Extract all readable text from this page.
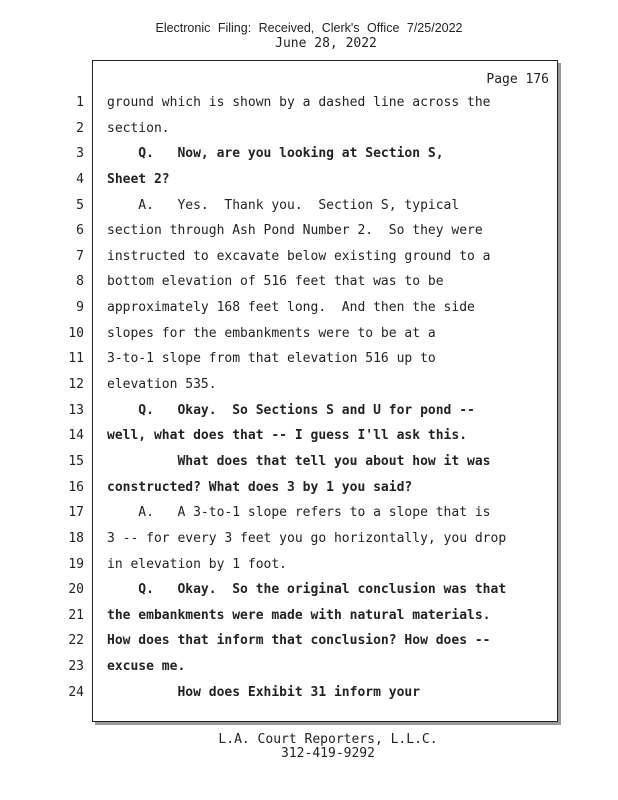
Electronic Filing: Received, Clerk's Office 7/25/2022
June 28, 2022
Page 176
1
2
3
4
5
6
7
8
9
10
11
12
13
14
15
16
17
18
19
20
21
22
23
24
ground which is shown by a dashed line across the
section.
Q.   Now, are you looking at Section S,
Sheet 2?
A.   Yes.  Thank you.  Section S, typical
section through Ash Pond Number 2.  So they were
instructed to excavate below existing ground to a
bottom elevation of 516 feet that was to be
approximately 168 feet long.  And then the side
slopes for the embankments were to be at a
3-to-1 slope from that elevation 516 up to
elevation 535.
Q.   Okay.  So Sections S and U for pond --
well, what does that -- I guess I'll ask this.
What does that tell you about how it was
constructed? What does 3 by 1 you said?
A.   A 3-to-1 slope refers to a slope that is
3 -- for every 3 feet you go horizontally, you drop
in elevation by 1 foot.
Q.   Okay.  So the original conclusion was that
the embankments were made with natural materials.
How does that inform that conclusion? How does --
excuse me.
How does Exhibit 31 inform your
L.A. Court Reporters, L.L.C.
312-419-9292
